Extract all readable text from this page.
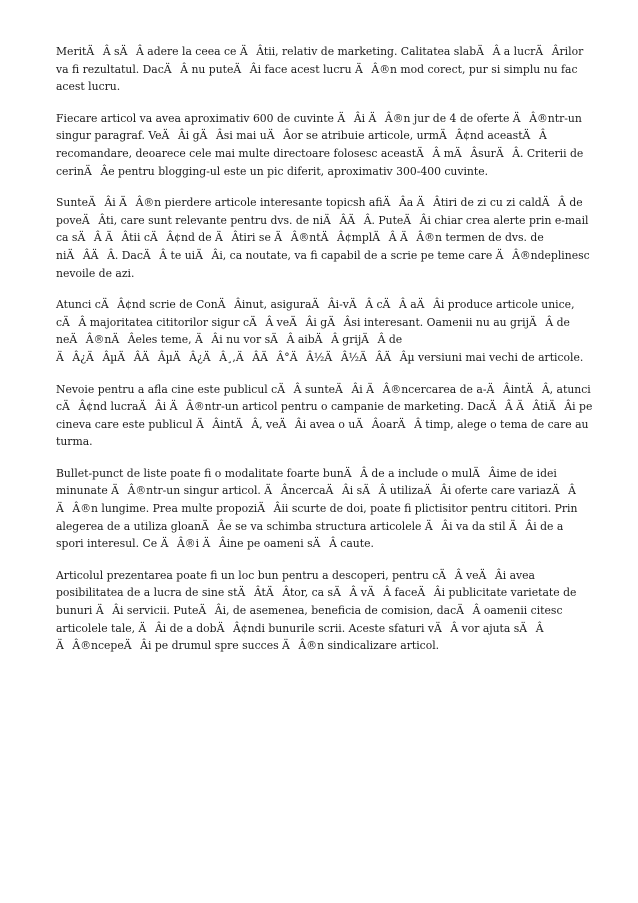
MeritÄÂ sÄÂ adere la ceea ce ÄÂtii, relativ de marketing. Calitatea slabÄÂ a lucrÄÂrilor va fi rezultatul. DacÄÂ nu puteÄÂi face acest lucru ÄÂ®n mod corect, pur si simplu nu fac acest lucru.

Fiecare articol va avea aproximativ 600 de cuvinte ÄÂi ÄÂ®n jur de 4 de oferte ÄÂ®ntr-un singur paragraf. VeÄÂi gÄÂsi mai uÄÂor se atribuie articole, urmÄÂ¢nd aceastÄÂ recomandare, deoarece cele mai multe directoare folosesc aceastÄÂ mÄÂsurÄÂ. Criterii de cerinÄÂe pentru blogging-ul este un pic diferit, aproximativ 300-400 cuvinte.

SunteÄÂi ÄÂ®n pierdere articole interesante topicsh afiÄÂa ÄÂtiri de zi cu zi caldÄÂ de poveÄÂti, care sunt relevante pentru dvs. de niÄÂÄÂ. PuteÄÂi chiar crea alerte prin e-mail ca sÄÂ ÄÂtii cÄÂ¢nd de ÄÂtiri se ÄÂ®ntÄÂ¢mplÄÂ ÄÂ®n termen de dvs. de niÄÂÄÂ. DacÄÂ te uiÄÂi, ca noutate, va fi capabil de a scrie pe teme care ÄÂ®ndeplinesc nevoile de azi.

Atunci cÄÂ¢nd scrie de ConÄÂinut, asiguraÄÂi-vÄÂ cÄÂ aÄÂi produce articole unice, cÄÂ majoritatea cititorilor sigur cÄÂ veÄÂi gÄÂsi interesant. Oamenii nu au grijÄÂ de neÄÂ®nÄÂeles teme, ÄÂi nu vor sÄÂ aibÄÂ grijÄÂ de ÄÂ¿ÄÂµÄÂÄÂµÄÂ¿ÄÂ¸,ÄÂÄÂ°ÄÂ½ÄÂ½ÄÂÄÂµ versiuni mai vechi de articole.

Nevoie pentru a afla cine este publicul cÄÂ sunteÄÂi ÄÂ®ncercarea de a-ÄÂintÄÂ, atunci cÄÂ¢nd lucraÄÂi ÄÂ®ntr-un articol pentru o campanie de marketing. DacÄÂ ÄÂtiÄÂi pe cineva care este publicul ÄÂintÄÂ, veÄÂi avea o uÄÂoarÄÂ timp, alege o tema de care au turma.

Bullet-punct de liste poate fi o modalitate foarte bunÄÂ de a include o mulÄÂime de idei minunate ÄÂ®ntr-un singur articol. ÄÂncercaÄÂi sÄÂ utilizaÄÂi oferte care variazÄÂ ÄÂ®n lungime. Prea multe propoziÄÂii scurte de doi, poate fi plictisitor pentru cititori. Prin alegerea de a utiliza gloanÄÂe se va schimba structura articolele ÄÂi va da stil ÄÂi de a spori interesul. Ce ÄÂ®i ÄÂine pe oameni sÄÂ caute.

Articolul prezentarea poate fi un loc bun pentru a descoperi, pentru cÄÂ veÄÂi avea posibilitatea de a lucra de sine stÄÂtÄÂtor, ca sÄÂ vÄÂ faceÄÂi publicitate varietate de bunuri ÄÂi servicii. PuteÄÂi, de asemenea, beneficia de comision, dacÄÂ oamenii citesc articolele tale, ÄÂi de a dobÄÂ¢ndi bunurile scrii. Aceste sfaturi vÄÂ vor ajuta sÄÂ ÄÂ®ncepeÄÂi pe drumul spre succes ÄÂ®n sindicalizare articol.
